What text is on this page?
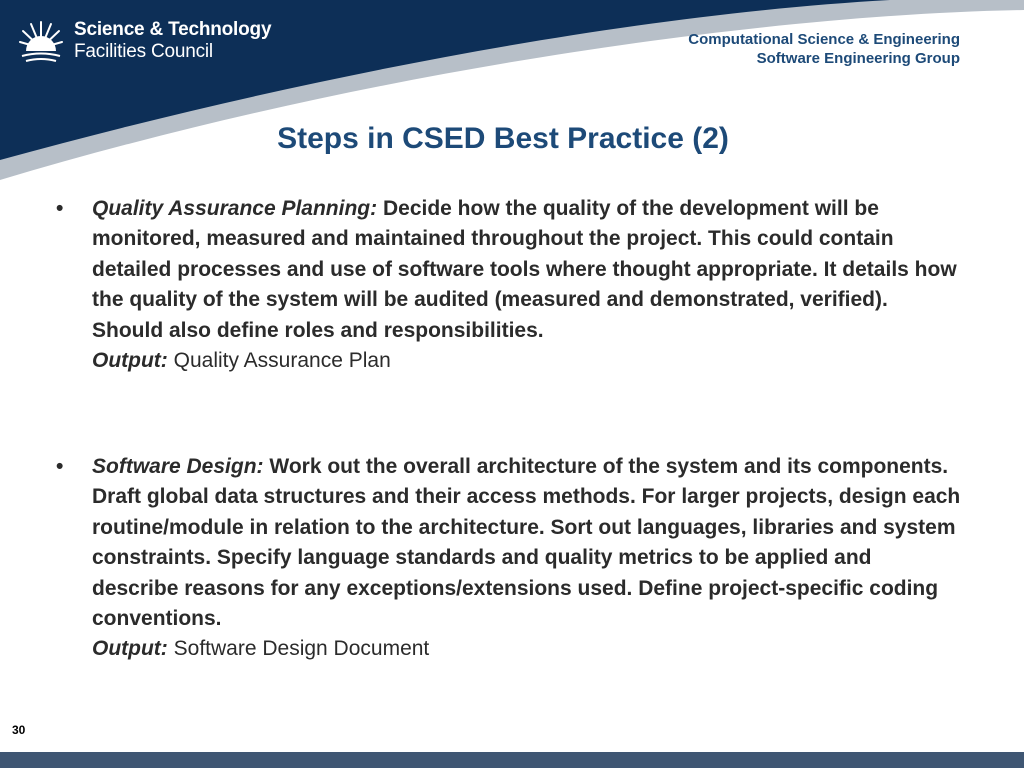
Science & Technology
Facilities Council
Computational Science & Engineering
Software Engineering Group
Steps in CSED Best Practice (2)
•	Quality Assurance Planning: Decide how the quality of the development will be monitored, measured and maintained throughout the project. This could contain detailed processes and use of software tools where thought appropriate. It details how the quality of the system will be audited (measured and demonstrated, verified). Should also define roles and responsibilities.

Output: Quality Assurance Plan

•	Software Design: Work out the overall architecture of the system and its components. Draft global data structures and their access methods. For larger projects, design each routine/module in relation to the architecture. Sort out languages, libraries and system constraints. Specify language standards and quality metrics to be applied and describe reasons for any exceptions/extensions used. Define project-specific coding conventions.

Output: Software Design Document

30
